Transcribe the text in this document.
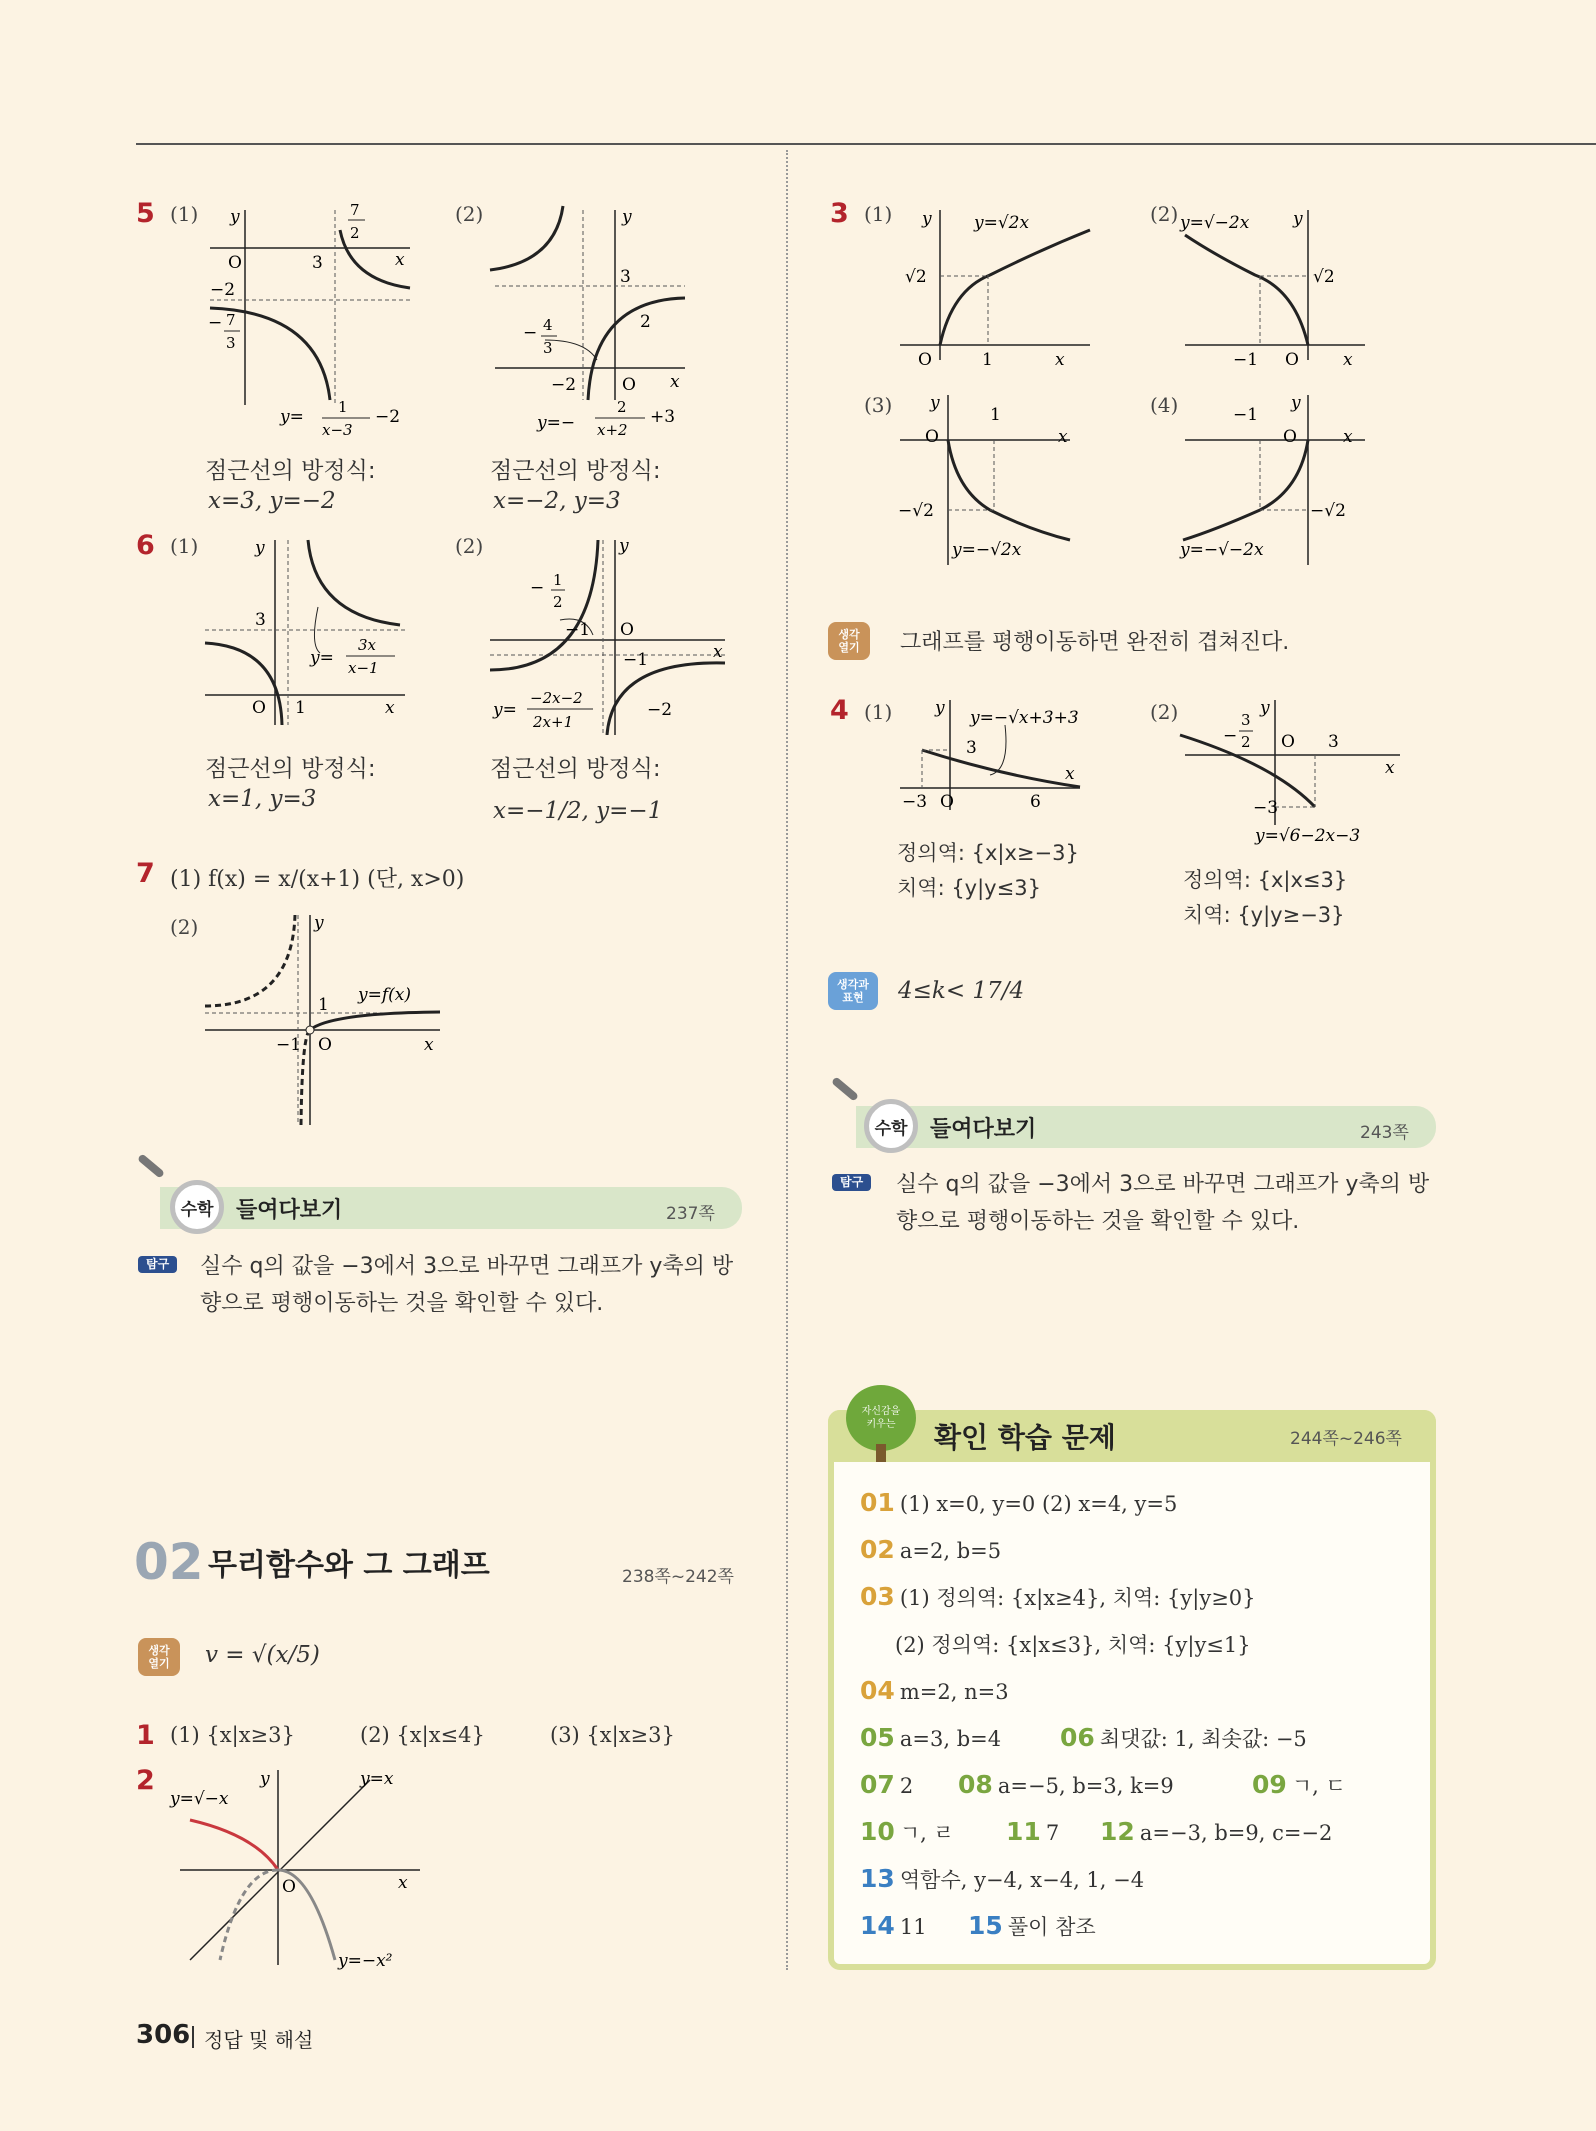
5 (1) y
x
O	3
−2
7
2
− 7
3
y= 1
x−3
−2
점근선의 방정식:
x=3, y=−2
(2)	y
x
3
2
O
−2
− 4
3
y=−
2
x+2
+3
점근선의 방정식:
x=−2, y=3
6 (1)	y
x
3
O 1
y=
3x
x−1
점근선의 방정식:
x=1, y=3
(2)	y
x
O
−1
−1
− 1
2
y=
−2x−2
2x+1
−2
점근선의 방정식:
x=−1/2, y=−1
7 (1) f(x) = x/(x+1) (단, x>0)
(2)	y
x
O
−1
1 y=f(x)
수학	들여다보기	237쪽
탐구	실수 q의 값을 −3에서 3으로 바꾸면 그래프가 y축의 방향으로 평행이동하는 것을 확인할 수 있다.
02 무리함수와 그 그래프	238쪽~242쪽
생각 열기	v = √(x/5)
1 (1) {x|x≥3}	(2) {x|x≤4}	(3) {x|x≥3}
2	y	y=x
y=√−x
x
O
y=−x²
306 정답 및 해설
3 (1) y y=√2x
√2
O	1	x
(2) y=√−2x	y
√2
−1 O	x
(3) y
O
1
x
−√2
y=−√2x
(4)	y
−1
O	x
−√2
y=−√−2x
생각 열기	그래프를 평행이동하면 완전히 겹쳐진다.
4 (1)	y y=−√x+3+3
3
−3 O	6
x
정의역: {x|x≥−3}
치역: {y|y≤3}
(2)	y
−
3
2 O 3
x
−3
y=√6−2x−3
정의역: {x|x≤3}
치역: {y|y≥−3}
생각과 표현	4≤k< 17/4
수학	들여다보기	243쪽
탐구	실수 q의 값을 −3에서 3으로 바꾸면 그래프가 y축의 방향으로 평행이동하는 것을 확인할 수 있다.
자신감을 키우는	확인 학습 문제	244쪽~246쪽
01 (1) x=0, y=0 (2) x=4, y=5
02 a=2, b=5
03 (1) 정의역: {x|x≥4}, 치역: {y|y≥0}
(2) 정의역: {x|x≤3}, 치역: {y|y≤1}
04 m=2, n=3
05 a=3, b=4 06 최댓값: 1, 최솟값: −5
07 2 08 a=−5, b=3, k=9	09 ㄱ, ㄷ
10 ㄱ, ㄹ 11 7 12 a=−3, b=9, c=−2
13 역함수, y−4, x−4, 1, −4
14 11 15 풀이 참조
